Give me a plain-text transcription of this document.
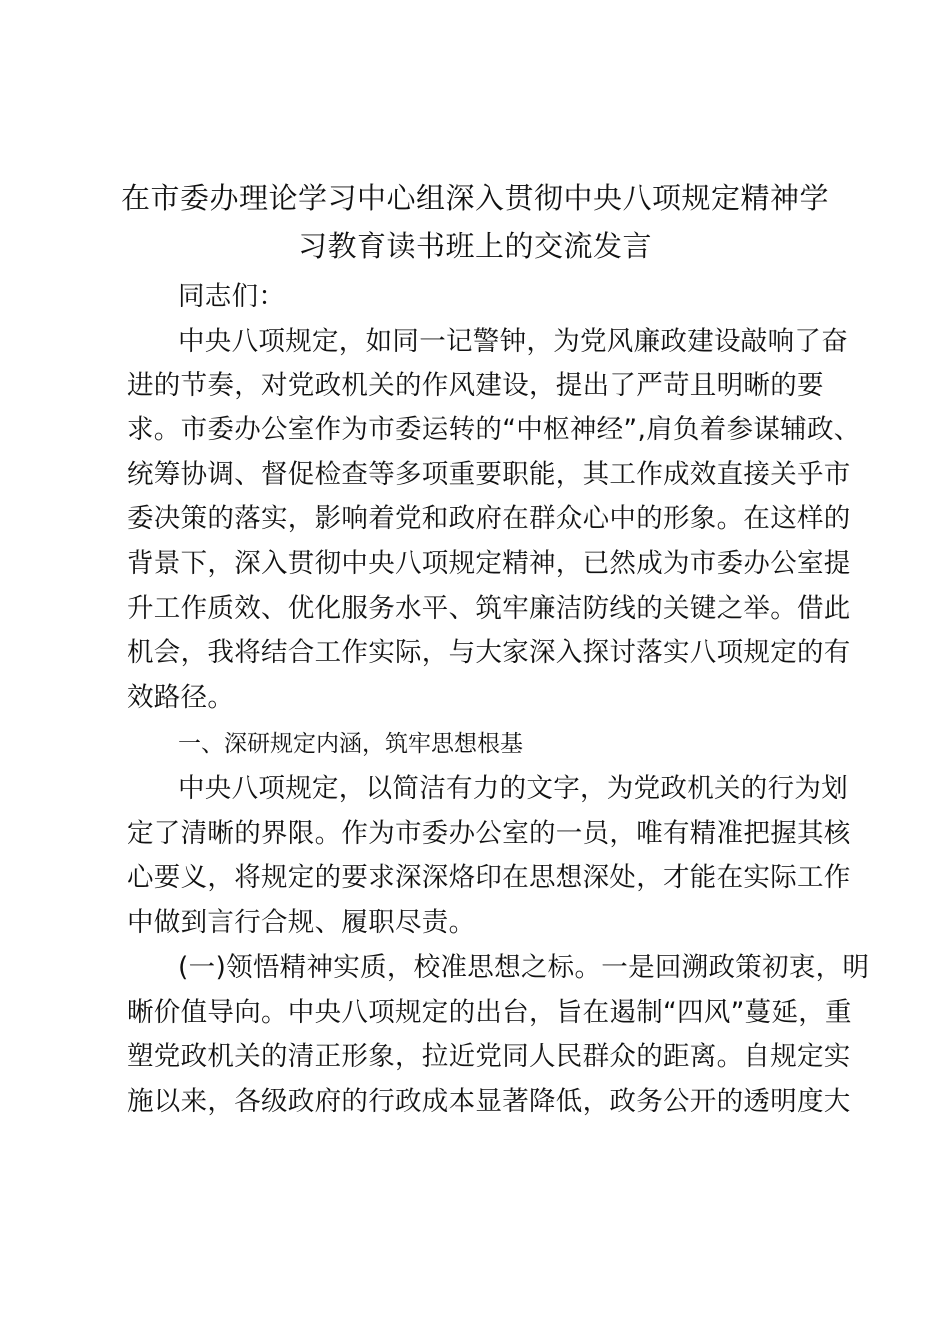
在市委办理论学习中心组深入贯彻中央八项规定精神学
习教育读书班上的交流发言
同志们：
中央八项规定，如同一记警钟，为党风廉政建设敲响了奋
进的节奏，对党政机关的作风建设，提出了严苛且明晰的要
求。市委办公室作为市委运转的“中枢神经”,肩负着参谋辅政、
统筹协调、督促检查等多项重要职能，其工作成效直接关乎市
委决策的落实，影响着党和政府在群众心中的形象。在这样的
背景下，深入贯彻中央八项规定精神，已然成为市委办公室提
升工作质效、优化服务水平、筑牢廉洁防线的关键之举。借此
机会，我将结合工作实际，与大家深入探讨落实八项规定的有
效路径。
一、深研规定内涵，筑牢思想根基
中央八项规定，以简洁有力的文字，为党政机关的行为划
定了清晰的界限。作为市委办公室的一员，唯有精准把握其核
心要义，将规定的要求深深烙印在思想深处，才能在实际工作
中做到言行合规、履职尽责。
(一)领悟精神实质，校准思想之标。一是回溯政策初衷，明
晰价值导向。中央八项规定的出台，旨在遏制“四风”蔓延，重
塑党政机关的清正形象，拉近党同人民群众的距离。自规定实
施以来，各级政府的行政成本显著降低，政务公开的透明度大
